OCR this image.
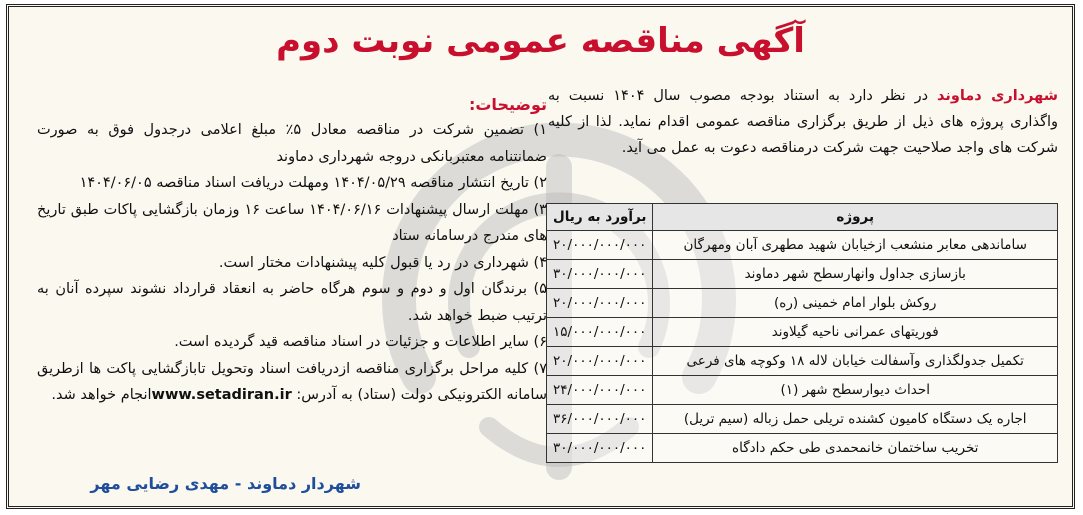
آگهی مناقصه عمومی نوبت دوم
شهرداری دماوند در نظر دارد به استناد بودجه مصوب سال ۱۴۰۴ نسبت به واگذاری پروژه های ذیل از طریق برگزاری مناقصه عمومی اقدام نماید. لذا از کلیه شرکت های واجد صلاحیت جهت شرکت درمناقصه دعوت به عمل می آید.
پروژه	برآورد به ریال
ساماندهی معابر منشعب ازخیابان شهید مطهری آبان ومهرگان	۲۰/۰۰۰/۰۰۰/۰۰۰
بازسازی جداول وانهارسطح شهر دماوند	۳۰/۰۰۰/۰۰۰/۰۰۰
روکش بلوار امام خمینی (ره)	۲۰/۰۰۰/۰۰۰/۰۰۰
فوریتهای عمرانی ناحیه گیلاوند	۱۵/۰۰۰/۰۰۰/۰۰۰
تکمیل جدولگذاری وآسفالت خیابان لاله ۱۸ وکوچه های فرعی	۲۰/۰۰۰/۰۰۰/۰۰۰
احداث دیوارسطح شهر (۱)	۲۴/۰۰۰/۰۰۰/۰۰۰
اجاره یک دستگاه کامیون کشنده تریلی حمل زباله (سیم تریل)	۳۶/۰۰۰/۰۰۰/۰۰۰
تخریب ساختمان خانمحمدی طی حکم دادگاه	۳۰/۰۰۰/۰۰۰/۰۰۰
توضیحات:

۱) تضمین شرکت در مناقصه معادل ۵٪ مبلغ اعلامی درجدول فوق به صورت ضمانتنامه معتبربانکی دروجه شهرداری دماوند

۲) تاریخ انتشار مناقصه ۱۴۰۴/۰۵/۲۹ ومهلت دریافت اسناد مناقصه ۱۴۰۴/۰۶/۰۵

۳) مهلت ارسال پیشنهادات ۱۴۰۴/۰۶/۱۶ ساعت ۱۶ وزمان بازگشایی پاکات طبق تاریخ های مندرج درسامانه ستاد

۴) شهرداری در رد یا قبول کلیه پیشنهادات مختار است.

۵) برندگان اول و دوم و سوم هرگاه حاضر به انعقاد قرارداد نشوند سپرده آنان به ترتیب ضبط خواهد شد.

۶) سایر اطلاعات و جزئیات در اسناد مناقصه قید گردیده است.

۷) کلیه مراحل برگزاری مناقصه ازدریافت اسناد وتحویل تابازگشایی پاکت ها ازطریق سامانه الکترونیکی دولت (ستاد) به آدرس: www.setadiran.irانجام خواهد شد.

شهردار دماوند - مهدی رضایی مهر
